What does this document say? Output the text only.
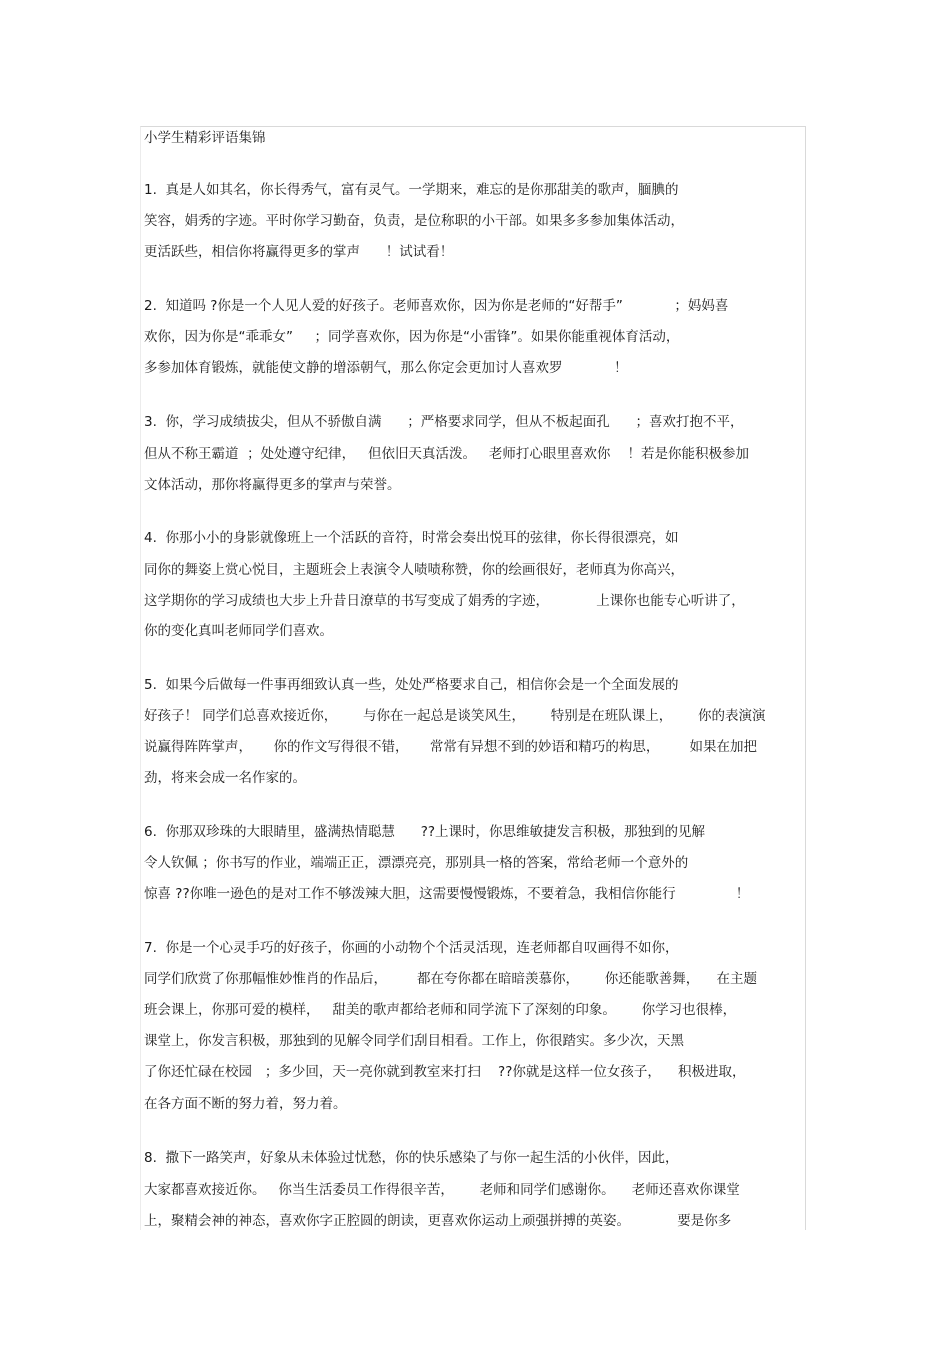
小学生精彩评语集锦
1.  真是人如其名，你长得秀气，富有灵气。一学期来，难忘的是你那甜美的歌声，腼腆的
笑容，娟秀的字迹。平时你学习勤奋，负责，是位称职的小干部。如果多多参加集体活动，
更活跃些，相信你将赢得更多的掌声      ！试试看！
2.  知道吗 ?你是一个人见人爱的好孩子。老师喜欢你，因为你是老师的“好帮手”            ；妈妈喜
欢你，因为你是“乖乖女”     ；同学喜欢你，因为你是“小雷锋”。如果你能重视体育活动，
多参加体育锻炼，就能使文静的增添朝气，那么你定会更加讨人喜欢罗            ！
3.  你，学习成绩拔尖，但从不骄傲自满      ；严格要求同学，但从不板起面孔      ；喜欢打抱不平，
但从不称王霸道  ；处处遵守纪律，   但依旧天真活泼。   老师打心眼里喜欢你    ！若是你能积极参加
文体活动，那你将赢得更多的掌声与荣誉。
4.  你那小小的身影就像班上一个活跃的音符，时常会奏出悦耳的弦律，你长得很漂亮，如
同你的舞姿上赏心悦目，主题班会上表演令人啧啧称赞，你的绘画很好，老师真为你高兴，
这学期你的学习成绩也大步上升昔日潦草的书写变成了娟秀的字迹，           上课你也能专心听讲了，
你的变化真叫老师同学们喜欢。
5.  如果今后做每一件事再细致认真一些，处处严格要求自己，相信你会是一个全面发展的
好孩子！ 同学们总喜欢接近你，      与你在一起总是谈笑风生，      特别是在班队课上，      你的表演演
说赢得阵阵掌声，     你的作文写得很不错，     常常有异想不到的妙语和精巧的构思，       如果在加把
劲，将来会成一名作家的。
6.  你那双珍珠的大眼睛里，盛满热情聪慧      ??上课时，你思维敏捷发言积极，那独到的见解
令人钦佩 ；你书写的作业，端端正正，漂漂亮亮，那别具一格的答案，常给老师一个意外的
惊喜 ??你唯一逊色的是对工作不够泼辣大胆，这需要慢慢锻炼，不要着急，我相信你能行              ！
7.  你是一个心灵手巧的好孩子，你画的小动物个个活灵活现，连老师都自叹画得不如你，
同学们欣赏了你那幅惟妙惟肖的作品后，       都在夸你都在暗暗羡慕你，      你还能歌善舞，    在主题
班会课上，你那可爱的模样，   甜美的歌声都给老师和同学流下了深刻的印象。      你学习也很棒，
课堂上，你发言积极，那独到的见解令同学们刮目相看。工作上，你很踏实。多少次，天黑
了你还忙碌在校园   ；多少回，天一亮你就到教室来打扫    ??你就是这样一位女孩子，    积极进取，
在各方面不断的努力着，努力着。
8.  撒下一路笑声，好象从未体验过忧愁，你的快乐感染了与你一起生活的小伙伴，因此，
大家都喜欢接近你。   你当生活委员工作得很辛苦，      老师和同学们感谢你。    老师还喜欢你课堂
上，聚精会神的神态，喜欢你字正腔圆的朗读，更喜欢你运动上顽强拼搏的英姿。           要是你多
